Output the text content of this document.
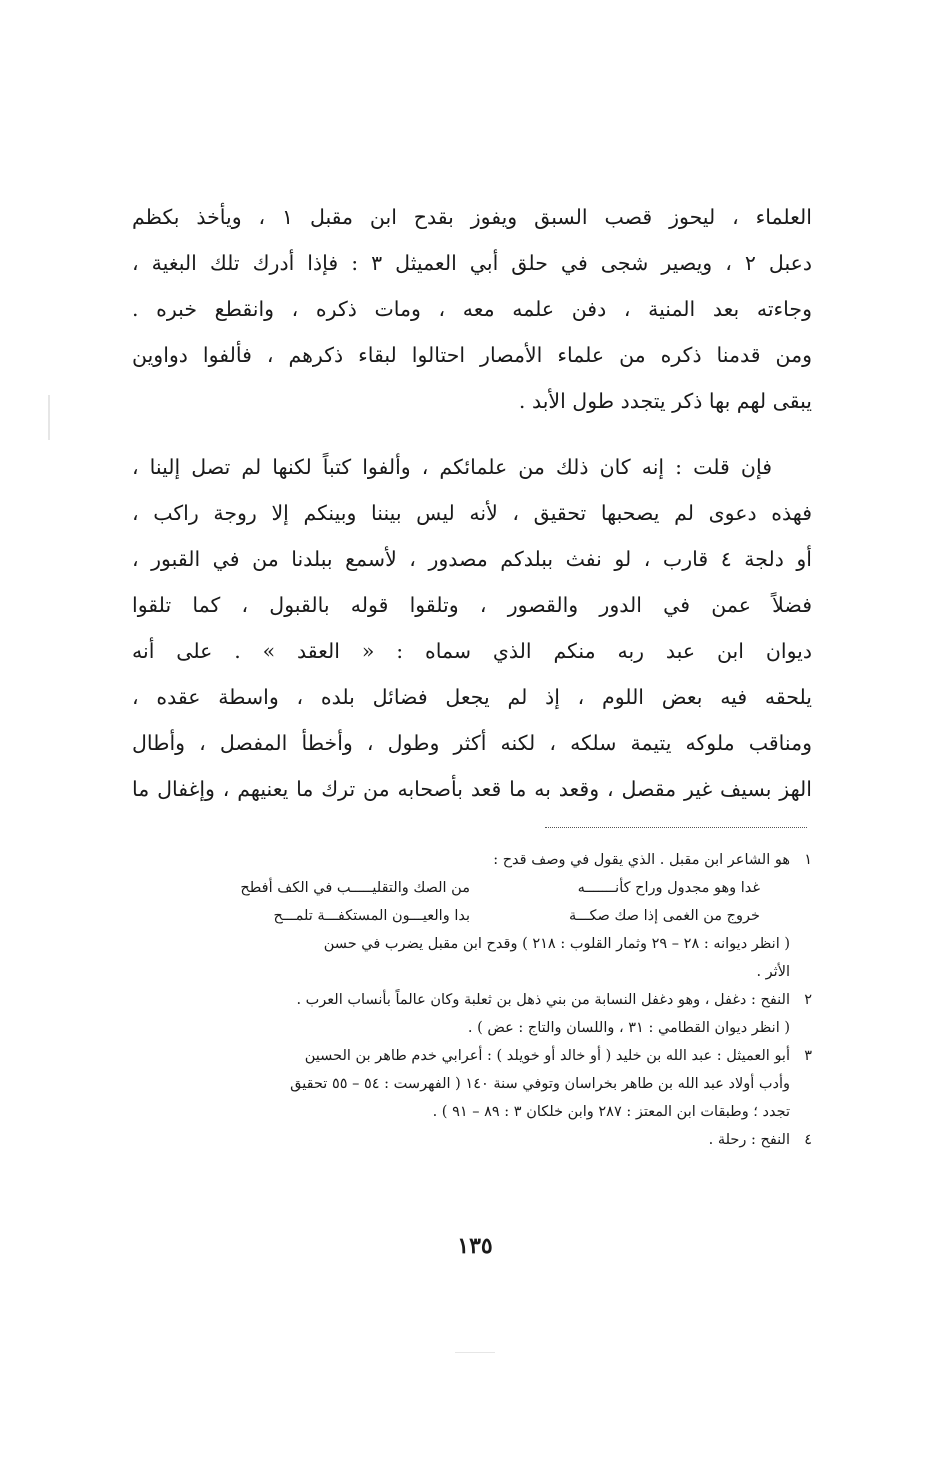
العلماء ، ليحوز قصب السبق ويفوز بقدح ابن مقبل ١ ، ويأخذ بكظم
دعبل ٢ ، ويصير شجى في حلق أبي العميثل ٣ : فإذا أدرك تلك البغية ،
وجاءته بعد المنية ، دفن علمه معه ، ومات ذكره ، وانقطع خبره .
ومن قدمنا ذكره من علماء الأمصار احتالوا لبقاء ذكرهم ، فألفوا دواوين
يبقى لهم بها ذكر يتجدد طول الأبد .
فإن قلت : إنه كان ذلك من علمائكم ، وألفوا كتباً لكنها لم تصل إلينا ،
فهذه دعوى لم يصحبها تحقيق ، لأنه ليس بيننا وبينكم إلا روجة راكب ،
أو دلجة ٤ قارب ، لو نفث ببلدكم مصدور ، لأسمع ببلدنا من في القبور ،
فضلاً عمن في الدور والقصور ، وتلقوا قوله بالقبول ، كما تلقوا
ديوان ابن عبد ربه منكم الذي سماه : « العقد » . على أنه
يلحقه فيه بعض اللوم ، إذ لم يجعل فضائل بلده ، واسطة عقده ،
ومناقب ملوكه يتيمة سلكه ، لكنه أكثر وطول ، وأخطأ المفصل ، وأطال
الهز بسيف غير مقصل ، وقعد به ما قعد بأصحابه من ترك ما يعنيهم ، وإغفال ما
١
هو الشاعر ابن مقبل . الذي يقول في وصف قدح :
غدا وهو مجدول وراح كأنـــــــه
من الصك والتقليـــــب في الكف أفطح
خروج من الغمى إذا صك صكـــة
بدا والعيـــون المستكفـــة تلمـــح
( انظر ديوانه : ٢٨ – ٢٩ وثمار القلوب : ٢١٨ ) وقدح ابن مقبل يضرب في حسن
الأثر .
٢
النفح : دغفل ، وهو دغفل النسابة من بني ذهل بن ثعلبة وكان عالماً بأنساب العرب .
( انظر ديوان القطامي : ٣١ ، واللسان والتاج : عض ) .
٣
أبو العميثل : عبد الله بن خليد ( أو خالد أو خويلد ) : أعرابي خدم طاهر بن الحسين
وأدب أولاد عبد الله بن طاهر بخراسان وتوفي سنة ١٤٠ ( الفهرست : ٥٤ – ٥٥ تحقيق
تجدد ؛ وطبقات ابن المعتز : ٢٨٧ وابن خلكان ٣ : ٨٩ – ٩١ ) .
٤
النفح : رحلة .
١٣٥
